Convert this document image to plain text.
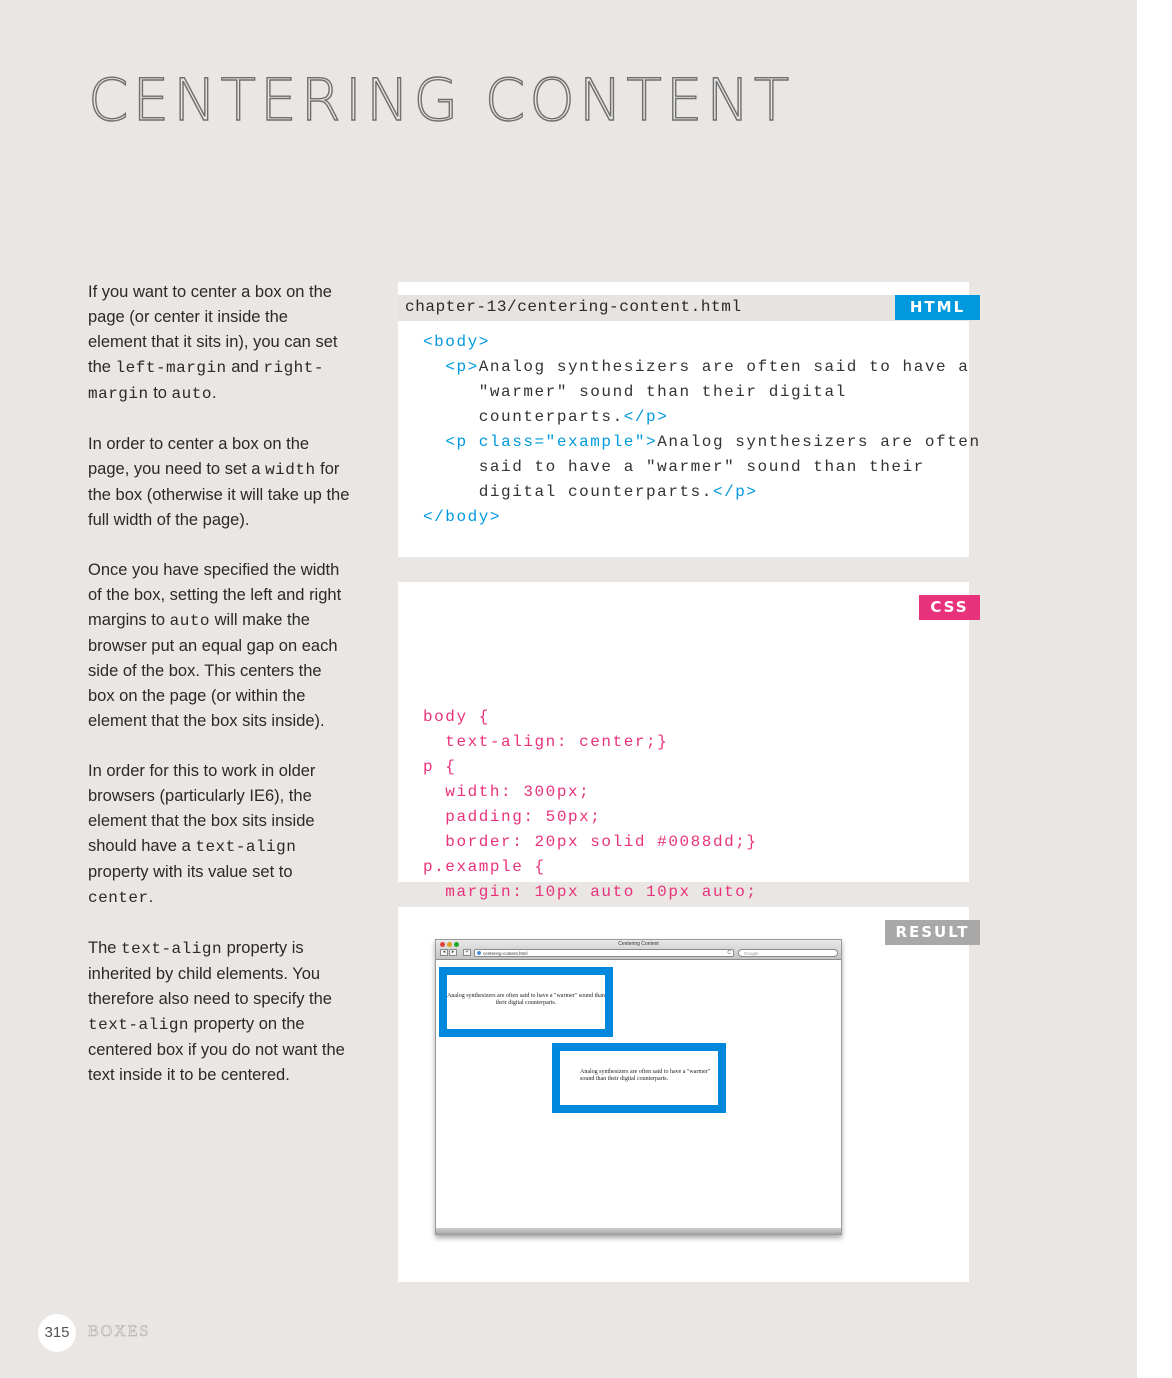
CENTERING CONTENT

If you want to center a box on the page (or center it inside the element that it sits in), you can set the left-margin and right-margin to auto.

In order to center a box on the page, you need to set a width for the box (otherwise it will take up the full width of the page).

Once you have specified the width of the box, setting the left and right margins to auto will make the browser put an equal gap on each side of the box. This centers the box on the page (or within the element that the box sits inside).

In order for this to work in older browsers (particularly IE6), the element that the box sits inside should have a text-align property with its value set to center.

The text-align property is inherited by child elements. You therefore also need to specify the text-align property on the centered box if you do not want the text inside it to be centered.

chapter-13/centering-content.html	HTML
<body>
<p>Analog synthesizers are often said to have a
"warmer" sound than their digital
counterparts.</p>
<p class="example">Analog synthesizers are often
said to have a "warmer" sound than their
digital counterparts.</p>
</body>
CSS
body {
text-align: center;}
p {
width: 300px;
padding: 50px;
border: 20px solid #0088dd;}
p.example {
margin: 10px auto 10px auto;
RESULT
Centering Content
◂	▸	+	centering-content.html	C	Google
Analog synthesizers are often said to have a "warmer" sound than their digital counterparts.
Analog synthesizers are often said to have a "warmer" sound than their digital counterparts.
315	BOXES
